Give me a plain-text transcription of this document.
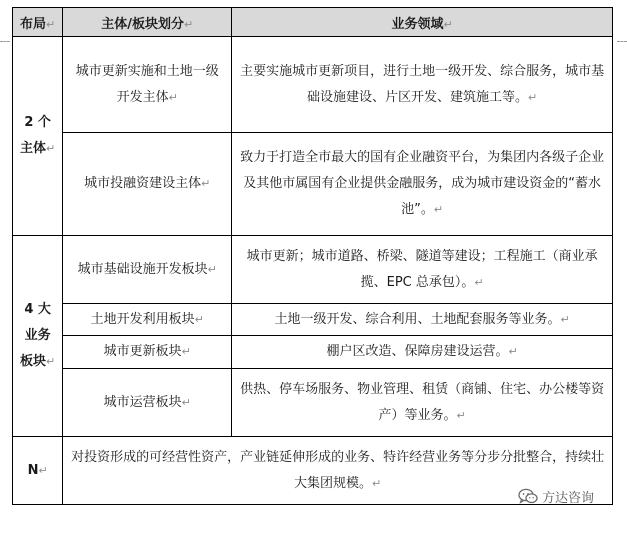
布局↵	主体/板块划分↵	业务领域↵
2 个主体↵	城市更新实施和土地一级开发主体↵	主要实施城市更新项目，进行土地一级开发、综合服务，城市基础设施建设、片区开发、建筑施工等。↵
	城市投融资建设主体↵	致力于打造全市最大的国有企业融资平台，为集团内各级子企业及其他市属国有企业提供金融服务，成为城市建设资金的“蓄水池”。↵
4 大业务板块↵	城市基础设施开发板块↵	城市更新；城市道路、桥梁、隧道等建设；工程施工（商业承揽、EPC 总承包）。↵
	土地开发利用板块↵	土地一级开发、综合利用、土地配套服务等业务。↵
	城市更新板块↵	棚户区改造、保障房建设运营。↵
	城市运营板块↵	供热、停车场服务、物业管理、租赁（商铺、住宅、办公楼等资产）等业务。↵
N↵	对投资形成的可经营性资产，产业链延伸形成的业务、特许经营业务等分步分批整合，持续壮大集团规模。↵	
方达咨询
